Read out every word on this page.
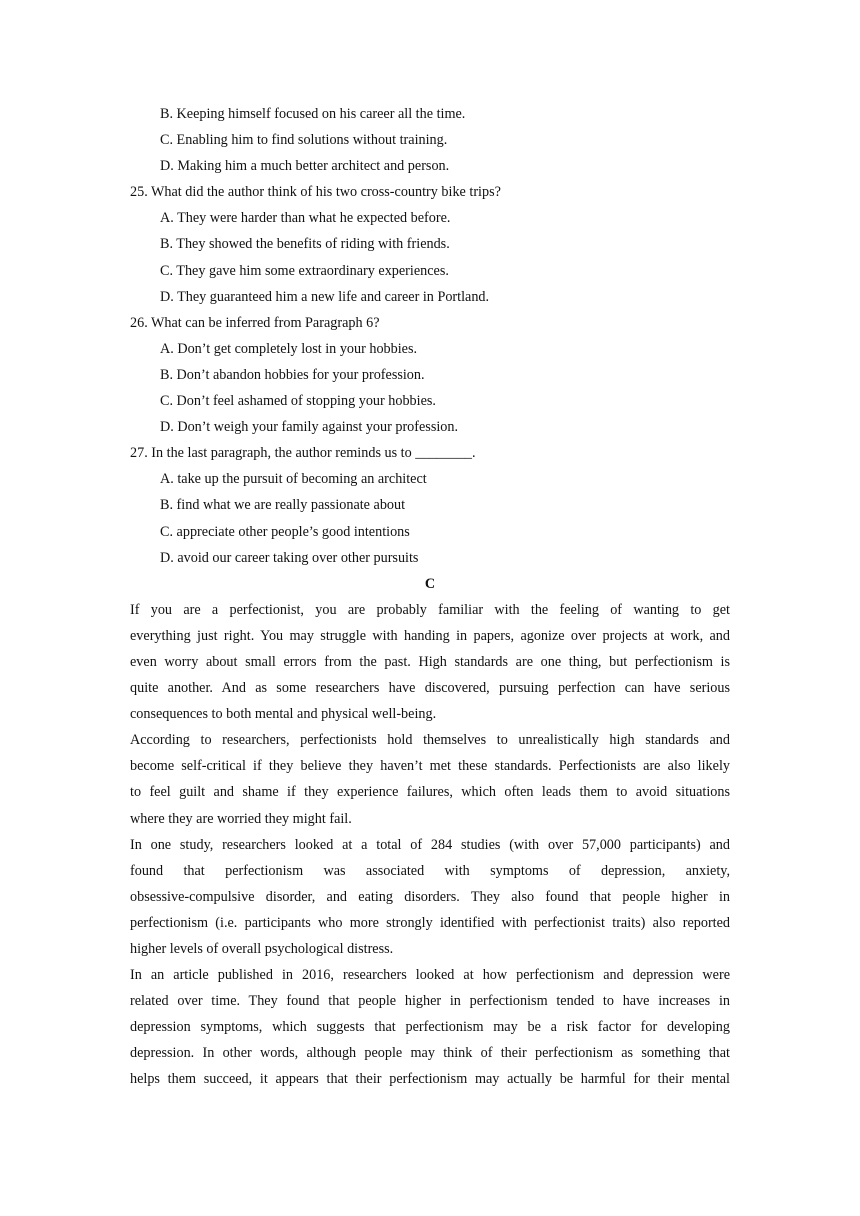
B. Keeping himself focused on his career all the time.
C. Enabling him to find solutions without training.
D. Making him a much better architect and person.
25. What did the author think of his two cross-country bike trips?
A. They were harder than what he expected before.
B. They showed the benefits of riding with friends.
C. They gave him some extraordinary experiences.
D. They guaranteed him a new life and career in Portland.
26. What can be inferred from Paragraph 6?
A. Don’t get completely lost in your hobbies.
B. Don’t abandon hobbies for your profession.
C. Don’t feel ashamed of stopping your hobbies.
D. Don’t weigh your family against your profession.
27. In the last paragraph, the author reminds us to ________.
A. take up the pursuit of becoming an architect
B. find what we are really passionate about
C. appreciate other people’s good intentions
D. avoid our career taking over other pursuits
C
If you are a perfectionist, you are probably familiar with the feeling of wanting to get
everything just right. You may struggle with handing in papers, agonize over projects at work, and
even worry about small errors from the past. High standards are one thing, but perfectionism is
quite another. And as some researchers have discovered, pursuing perfection can have serious
consequences to both mental and physical well-being.
According to researchers, perfectionists hold themselves to unrealistically high standards and
become self-critical if they believe they haven’t met these standards. Perfectionists are also likely
to feel guilt and shame if they experience failures, which often leads them to avoid situations
where they are worried they might fail.
In one study, researchers looked at a total of 284 studies (with over 57,000 participants) and
found that perfectionism was associated with symptoms of depression, anxiety,
obsessive-compulsive disorder, and eating disorders. They also found that people higher in
perfectionism (i.e. participants who more strongly identified with perfectionist traits) also reported
higher levels of overall psychological distress.
In an article published in 2016, researchers looked at how perfectionism and depression were
related over time. They found that people higher in perfectionism tended to have increases in
depression symptoms, which suggests that perfectionism may be a risk factor for developing
depression. In other words, although people may think of their perfectionism as something that
helps them succeed, it appears that their perfectionism may actually be harmful for their mental
